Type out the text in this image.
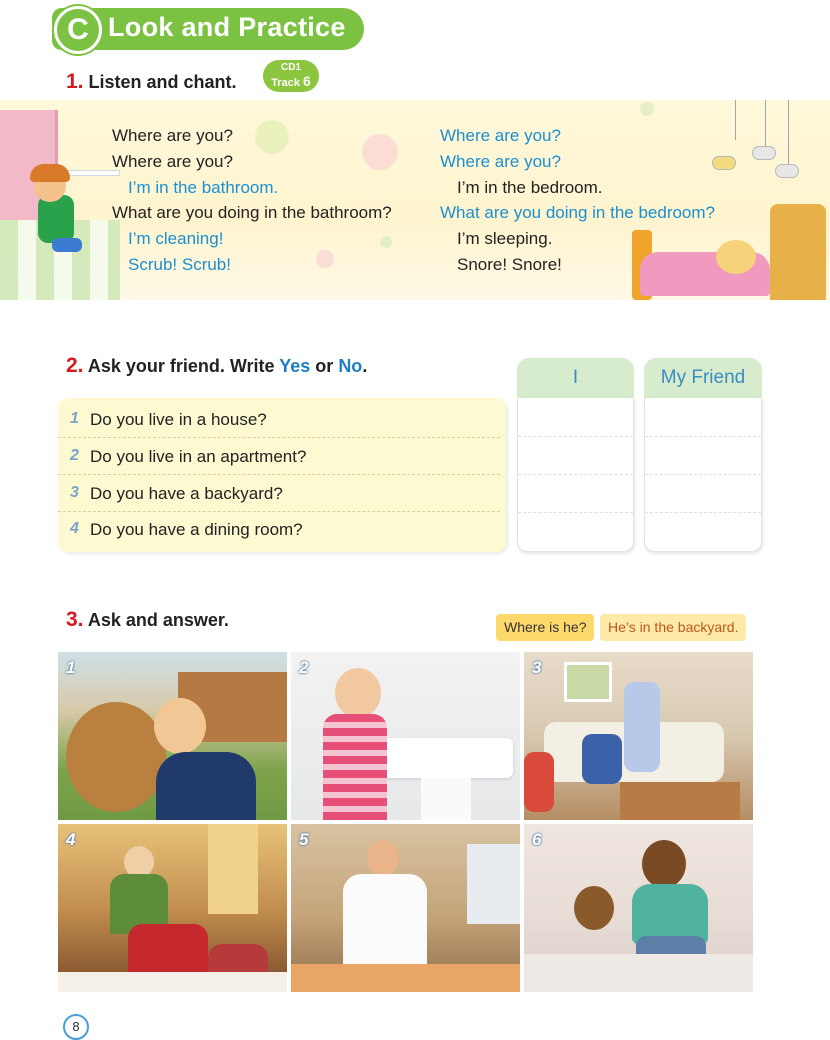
C Look and Practice
1. Listen and chant.
CD1
Track 6
Where are you?
Where are you?
I’m in the bathroom.
What are you doing in the bathroom?
I’m cleaning!
Scrub! Scrub!
Where are you?
Where are you?
I’m in the bedroom.
What are you doing in the bedroom?
I’m sleeping.
Snore! Snore!
2. Ask your friend. Write Yes or No.
1 Do you live in a house?
2 Do you live in an apartment?
3 Do you have a backyard?
4 Do you have a dining room?
I	My Friend
3. Ask and answer.	Where is he?	He’s in the backyard.
1	2	3
4	5	6
8
